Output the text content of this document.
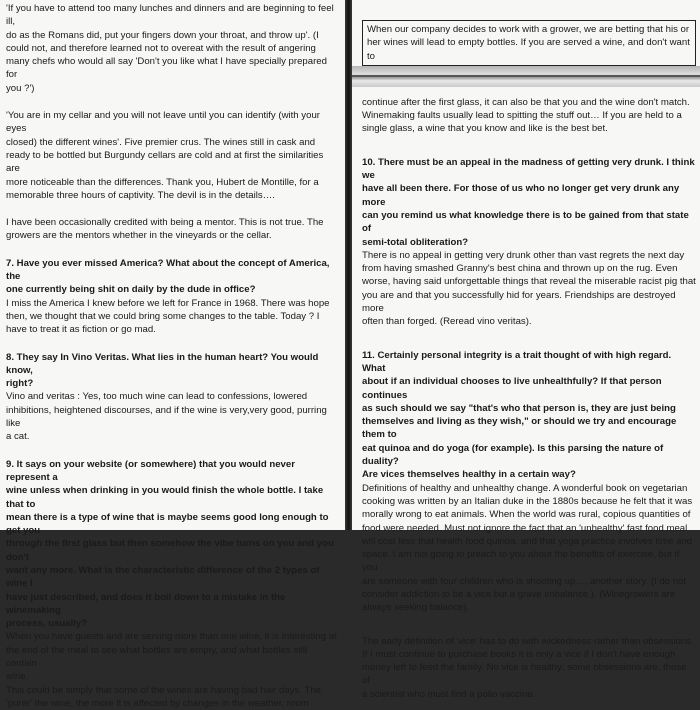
'If you have to attend too many lunches and dinners and are beginning to feel ill,
do as the Romans did, put your fingers down your throat, and throw up'. (I
could not, and therefore learned not to overeat with the result of angering
many chefs who would all say 'Don't you like what I have specially prepared for
you ?')

'You are in my cellar and you will not leave until you can identify (with your eyes
closed) the different wines'. Five premier crus. The wines still in cask and
ready to be bottled but Burgundy cellars are cold and at first the similarities are
more noticeable than the differences. Thank you, Hubert de Montille, for a
memorable three hours of captivity. The devil is in the details….

I have been occasionally credited with being a mentor. This is not true. The
growers are the mentors whether in the vineyards or the cellar.

7. Have you ever missed America? What about the concept of America, the
one currently being shit on daily by the dude in office?

I miss the America I knew before we left for France in 1968. There was hope
then, we thought that we could bring some changes to the table. Today ? I
have to treat it as fiction or go mad.

8. They say In Vino Veritas. What lies in the human heart? You would know,
right?

Vino and veritas : Yes, too much wine can lead to confessions, lowered
inhibitions, heightened discourses, and if the wine is very,very good, purring like
a cat.

9. It says on your website (or somewhere) that you would never represent a
wine unless when drinking in you would finish the whole bottle. I take that to
mean there is a type of wine that is maybe seems good long enough to get you
through the first glass but then somehow the vibe turns on you and you don't
want any more. What is the characteristic difference of the 2 types of wine I
have just described, and does it boil down to a mistake in the winemaking
process, usually?

When you have guests and are serving more than one wine, it is interesting at
the end of the meal to see what bottles are empty, and what bottles still contain
wine.

This could be simply that some of the wines are having bad hair days. The
'purer' the wine, the more it is affected by changes in the weather, room

When our company decides to work with a grower, we are betting that his or
her wines will lead to empty bottles. If you are served a wine, and don't want to

continue after the first glass, it can also be that you and the wine don't match.
Winemaking faults usually lead to spitting the stuff out… If you are held to a
single glass, a wine that you know and like is the best bet.

10. There must be an appeal in the madness of getting very drunk. I think we
have all been there. For those of us who no longer get very drunk any more
can you remind us what knowledge there is to be gained from that state of
semi-total obliteration?

There is no appeal in getting very drunk other than vast regrets the next day
from having smashed Granny's best china and thrown up on the rug. Even
worse, having said unforgettable things that reveal the miserable racist pig that
you are and that you successfully hid for years. Friendships are destroyed more
often than forged. (Reread vino veritas).

11. Certainly personal integrity is a trait thought of with high regard. What
about if an individual chooses to live unhealthfully? If that person continues
as such should we say "that's who that person is, they are just being
themselves and living as they wish," or should we try and encourage them to
eat quinoa and do yoga (for example). Is this parsing the nature of duality?
Are vices themselves healthy in a certain way?

Definitions of healthy and unhealthy change. A wonderful book on vegetarian
cooking was written by an Italian duke in the 1880s because he felt that it was
morally wrong to eat animals. When the world was rural, copious quantities of
food were needed. Must not ignore the fact that an 'unhealthy' fast food meal
will cost less that health food quinoa, and that yoga practice involves time and
space. I am not going to preach to you about the benefits of exercise, but if you
are someone with four children who is shooting up…..another story. (I do not
consider addiction to be a vice but a grave imbalance.). (Winegrowers are
always seeking balance).

The early definition of 'vice' has to do with wickedness rather than obsessions.
If I must continue to purchase books it is only a vice if I don't have enough
money left to feed the family. No vice is healthy; some obsessions are, those of
a scientist who must find a polio vaccine.
